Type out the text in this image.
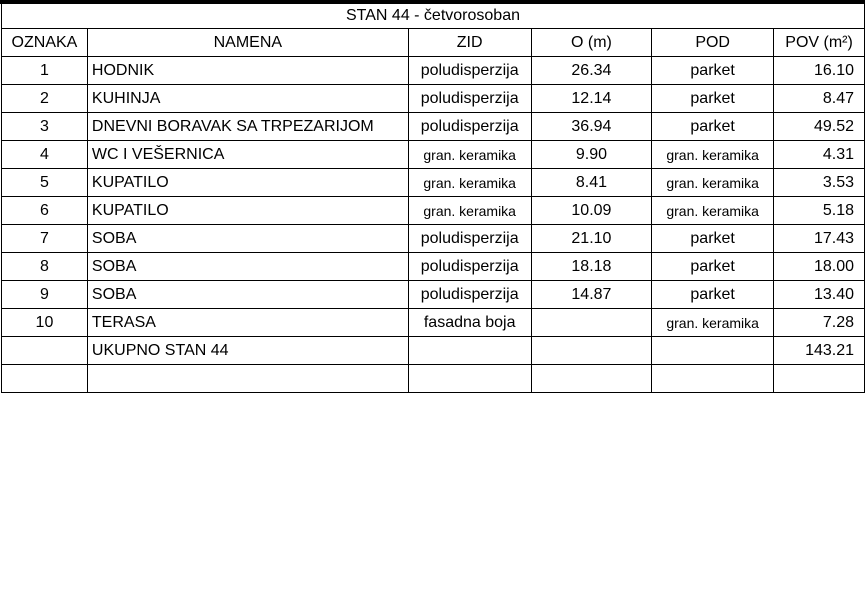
STAN 44 - četvorosoban					
OZNAKA	NAMENA	ZID	O (m)	POD	POV (m²)
1	HODNIK	poludisperzija	26.34	parket	16.10
2	KUHINJA	poludisperzija	12.14	parket	8.47
3	DNEVNI BORAVAK SA TRPEZARIJOM	poludisperzija	36.94	parket	49.52
4	WC I VEŠERNICA	gran. keramika	9.90	gran. keramika	4.31
5	KUPATILO	gran. keramika	8.41	gran. keramika	3.53
6	KUPATILO	gran. keramika	10.09	gran. keramika	5.18
7	SOBA	poludisperzija	21.10	parket	17.43
8	SOBA	poludisperzija	18.18	parket	18.00
9	SOBA	poludisperzija	14.87	parket	13.40
10	TERASA	fasadna boja		gran. keramika	7.28
	UKUPNO STAN 44				143.21
